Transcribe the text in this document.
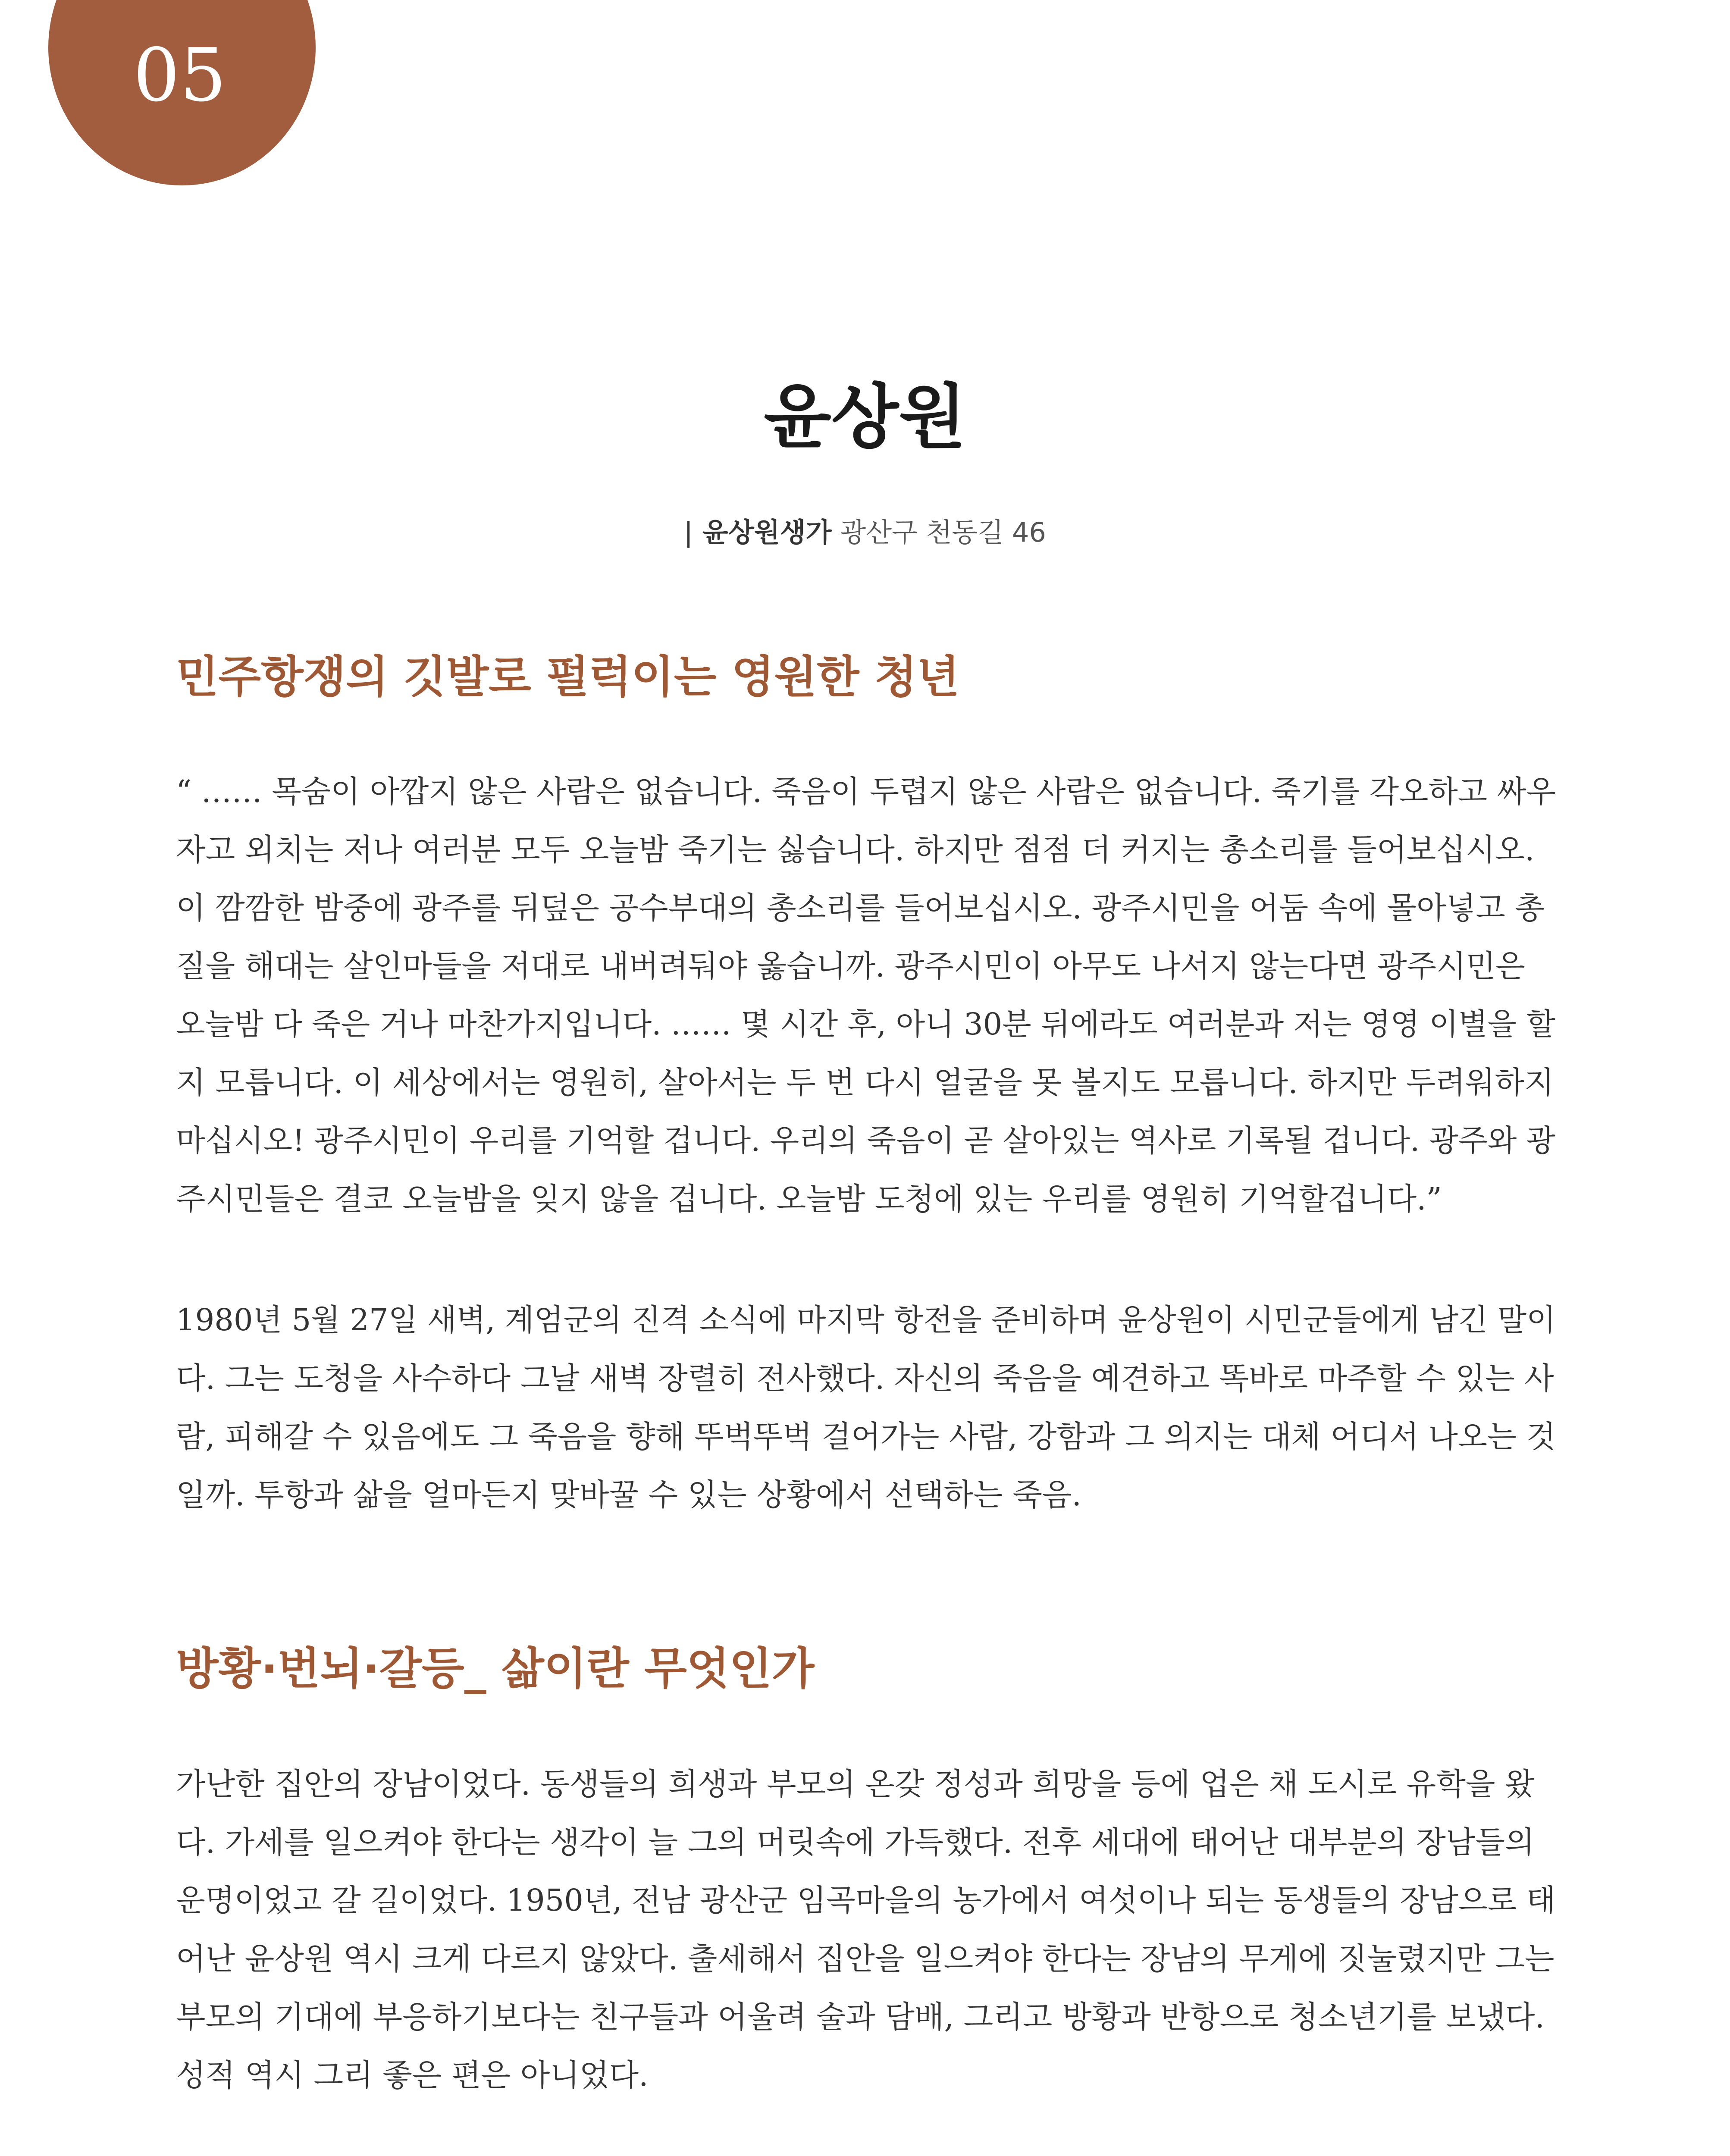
05
윤상원
| 윤상원생가 광산구 천동길 46
민주항쟁의 깃발로 펄럭이는 영원한 청년
“ …… 목숨이 아깝지 않은 사람은 없습니다. 죽음이 두렵지 않은 사람은 없습니다. 죽기를 각오하고 싸우
자고 외치는 저나 여러분 모두 오늘밤 죽기는 싫습니다. 하지만 점점 더 커지는 총소리를 들어보십시오.
이 깜깜한 밤중에 광주를 뒤덮은 공수부대의 총소리를 들어보십시오. 광주시민을 어둠 속에 몰아넣고 총
질을 해대는 살인마들을 저대로 내버려둬야 옳습니까. 광주시민이 아무도 나서지 않는다면 광주시민은
오늘밤 다 죽은 거나 마찬가지입니다. …… 몇 시간 후, 아니 30분 뒤에라도 여러분과 저는 영영 이별을 할
지 모릅니다. 이 세상에서는 영원히, 살아서는 두 번 다시 얼굴을 못 볼지도 모릅니다. 하지만 두려워하지
마십시오! 광주시민이 우리를 기억할 겁니다. 우리의 죽음이 곧 살아있는 역사로 기록될 겁니다. 광주와 광
주시민들은 결코 오늘밤을 잊지 않을 겁니다. 오늘밤 도청에 있는 우리를 영원히 기억할겁니다.”
1980년 5월 27일 새벽, 계엄군의 진격 소식에 마지막 항전을 준비하며 윤상원이 시민군들에게 남긴 말이
다. 그는 도청을 사수하다 그날 새벽 장렬히 전사했다. 자신의 죽음을 예견하고 똑바로 마주할 수 있는 사
람, 피해갈 수 있음에도 그 죽음을 향해 뚜벅뚜벅 걸어가는 사람, 강함과 그 의지는 대체 어디서 나오는 것
일까. 투항과 삶을 얼마든지 맞바꿀 수 있는 상황에서 선택하는 죽음.
방황·번뇌·갈등_ 삶이란 무엇인가
가난한 집안의 장남이었다. 동생들의 희생과 부모의 온갖 정성과 희망을 등에 업은 채 도시로 유학을 왔
다. 가세를 일으켜야 한다는 생각이 늘 그의 머릿속에 가득했다. 전후 세대에 태어난 대부분의 장남들의
운명이었고 갈 길이었다. 1950년, 전남 광산군 임곡마을의 농가에서 여섯이나 되는 동생들의 장남으로 태
어난 윤상원 역시 크게 다르지 않았다. 출세해서 집안을 일으켜야 한다는 장남의 무게에 짓눌렸지만 그는
부모의 기대에 부응하기보다는 친구들과 어울려 술과 담배, 그리고 방황과 반항으로 청소년기를 보냈다.
성적 역시 그리 좋은 편은 아니었다.
